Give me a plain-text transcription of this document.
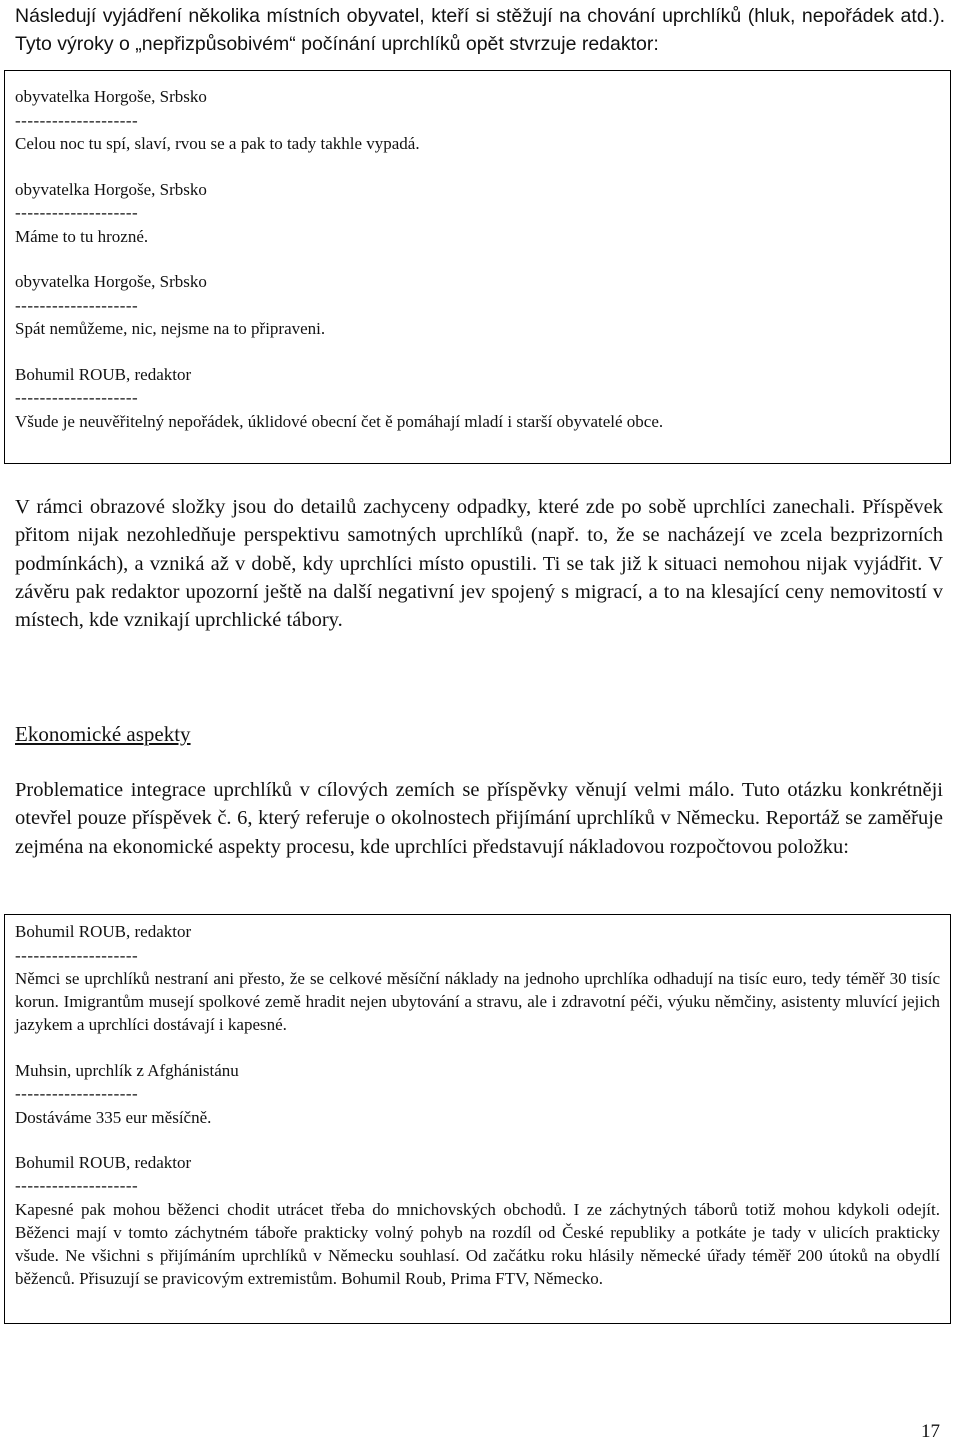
Následují vyjádření několika místních obyvatel, kteří si stěžují na chování uprchlíků (hluk, nepořádek atd.). Tyto výroky o „nepřizpůsobivém“ počínání uprchlíků opět stvrzuje redaktor:

obyvatelka Horgoše, Srbsko
--------------------
Celou noc tu spí, slaví, rvou se a pak to tady takhle vypadá.
obyvatelka Horgoše, Srbsko
--------------------
Máme to tu hrozné.
obyvatelka Horgoše, Srbsko
--------------------
Spát nemůžeme, nic, nejsme na to připraveni.
Bohumil ROUB, redaktor
--------------------
Všude je neuvěřitelný nepořádek, úklidové obecní čet ě pomáhají mladí i starší obyvatelé obce.

V rámci obrazové složky jsou do detailů zachyceny odpadky, které zde po sobě uprchlíci zanechali. Příspěvek přitom nijak nezohledňuje perspektivu samotných uprchlíků (např. to, že se nacházejí ve zcela bezprizorních podmínkách), a vzniká až v době, kdy uprchlíci místo opustili. Ti se tak již k situaci nemohou nijak vyjádřit. V závěru pak redaktor upozorní ještě na další negativní jev spojený s migrací, a to na klesající ceny nemovitostí v místech, kde vznikají uprchlické tábory.

Ekonomické aspekty

Problematice integrace uprchlíků v cílových zemích se příspěvky věnují velmi málo. Tuto otázku konkrétněji otevřel pouze příspěvek č. 6, který referuje o okolnostech přijímání uprchlíků v Německu. Reportáž se zaměřuje zejména na ekonomické aspekty procesu, kde uprchlíci představují nákladovou rozpočtovou položku:

Bohumil ROUB, redaktor
--------------------
Němci se uprchlíků nestraní ani přesto, že se celkové měsíční náklady na jednoho uprchlíka odhadují na tisíc euro, tedy téměř 30 tisíc korun. Imigrantům musejí spolkové země hradit nejen ubytování a stravu, ale i zdravotní péči, výuku němčiny, asistenty mluvící jejich jazykem a uprchlíci dostávají i kapesné.
Muhsin, uprchlík z Afghánistánu
--------------------
Dostáváme 335 eur měsíčně.
Bohumil ROUB, redaktor
--------------------
Kapesné pak mohou běženci chodit utrácet třeba do mnichovských obchodů. I ze záchytných táborů totiž mohou kdykoli odejít. Běženci mají v tomto záchytném táboře prakticky volný pohyb na rozdíl od České republiky a potkáte je tady v ulicích prakticky všude. Ne všichni s přijímáním uprchlíků v Německu souhlasí. Od začátku roku hlásily německé úřady téměř 200 útoků na obydlí běženců. Přisuzují se pravicovým extremistům. Bohumil Roub, Prima FTV, Německo.
17
